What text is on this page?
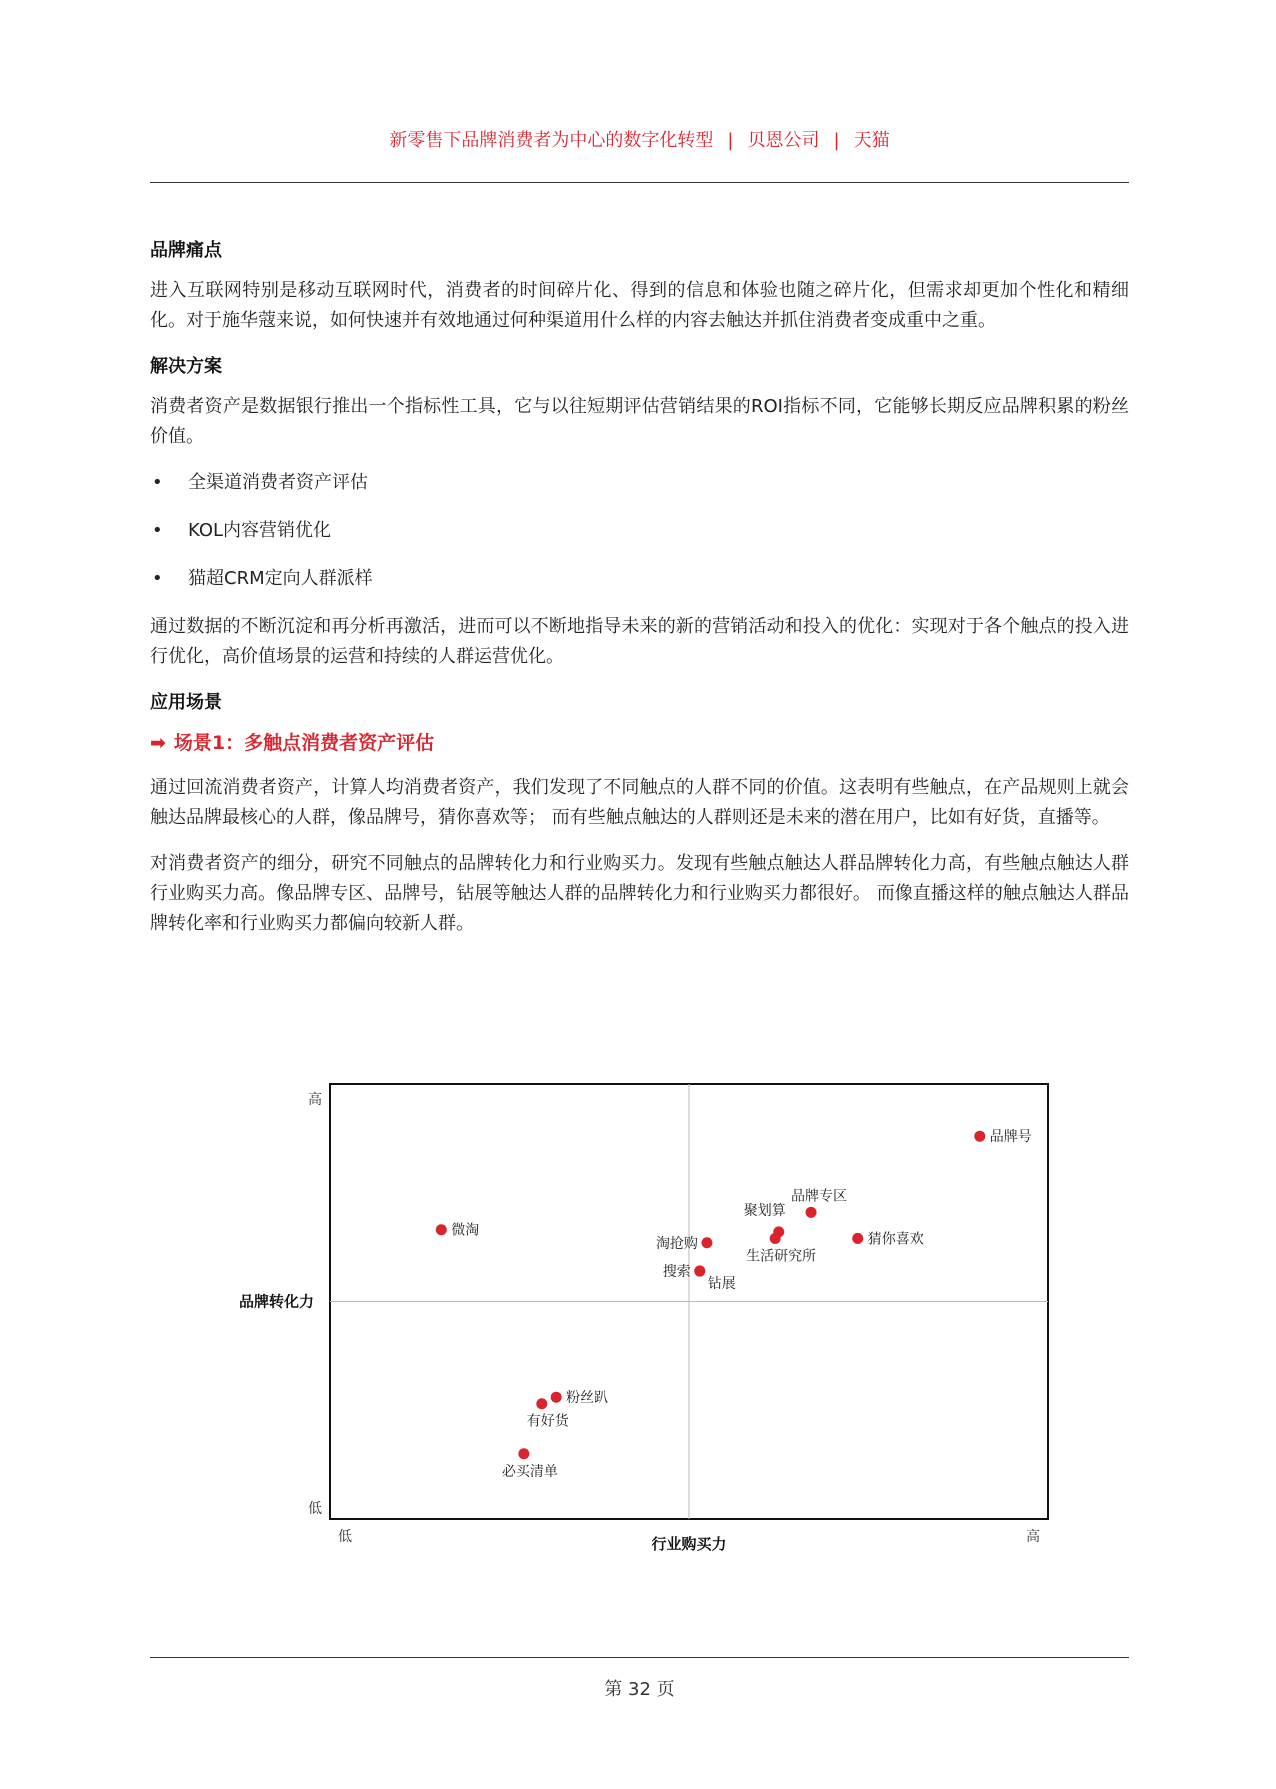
新零售下品牌消费者为中心的数字化转型 | 贝恩公司 | 天猫
品牌痛点

进入互联网特别是移动互联网时代，消费者的时间碎片化、得到的信息和体验也随之碎片化，但需求却更加个性化和精细化。对于施华蔻来说，如何快速并有效地通过何种渠道用什么样的内容去触达并抓住消费者变成重中之重。

解决方案

消费者资产是数据银行推出一个指标性工具，它与以往短期评估营销结果的ROI指标不同，它能够长期反应品牌积累的粉丝价值。

• 全渠道消费者资产评估
• KOL内容营销优化
• 猫超CRM定向人群派样

通过数据的不断沉淀和再分析再激活，进而可以不断地指导未来的新的营销活动和投入的优化：实现对于各个触点的投入进行优化，高价值场景的运营和持续的人群运营优化。

应用场景
➡ 场景1：多触点消费者资产评估

通过回流消费者资产，计算人均消费者资产，我们发现了不同触点的人群不同的价值。这表明有些触点，在产品规则上就会触达品牌最核心的人群，像品牌号，猜你喜欢等； 而有些触点触达的人群则还是未来的潜在用户，比如有好货，直播等。

对消费者资产的细分，研究不同触点的品牌转化力和行业购买力。发现有些触点触达人群品牌转化力高，有些触点触达人群行业购买力高。像品牌专区、品牌号，钻展等触达人群的品牌转化力和行业购买力都很好。 而像直播这样的触点触达人群品牌转化率和行业购买力都偏向较新人群。

高
低
低	高
品牌转化力
行业购买力
品牌号
品牌专区
聚划算
猜你喜欢
生活研究所
淘抢购
搜索
钻展
微淘
粉丝趴
有好货
必买清单
第 32 页
